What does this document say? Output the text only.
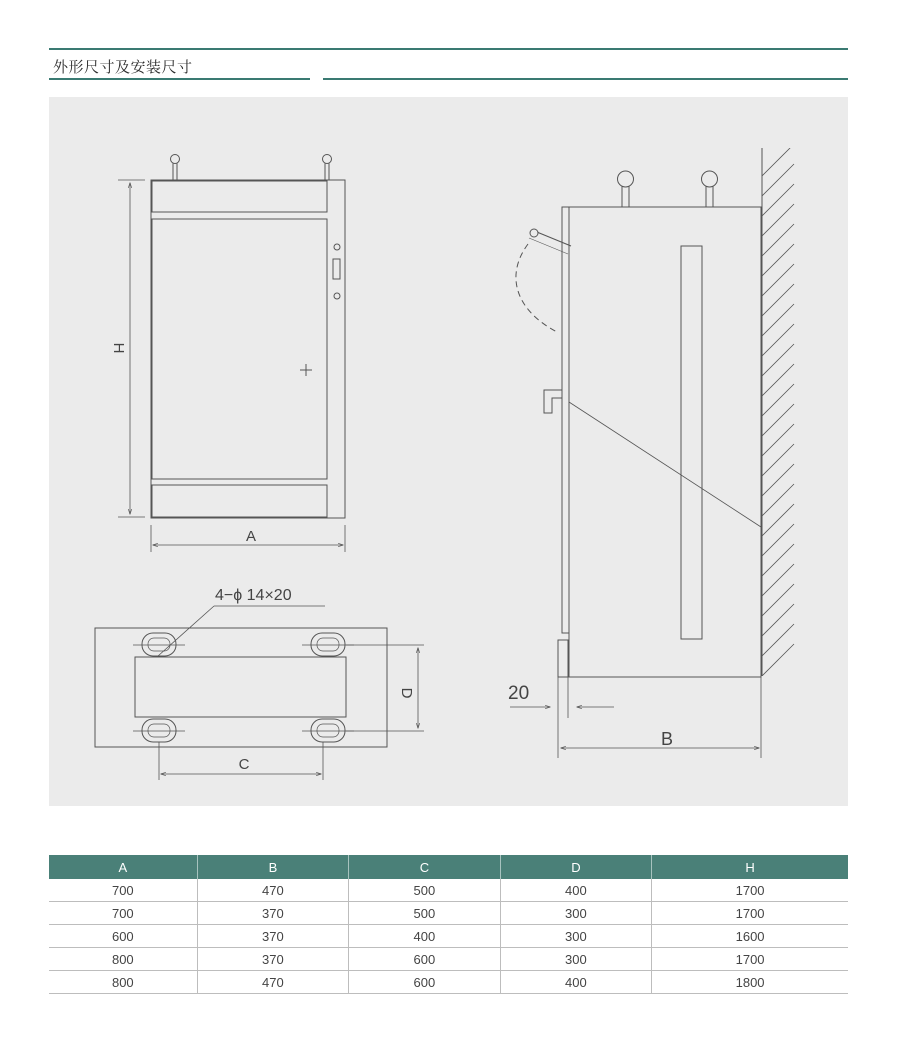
外形尺寸及安装尺寸
H
A
4−ϕ 14×20
D
C
20
B
A	B	C	D	H
700	470	500	400	1700
700	370	500	300	1700
600	370	400	300	1600
800	370	600	300	1700
800	470	600	400	1800
